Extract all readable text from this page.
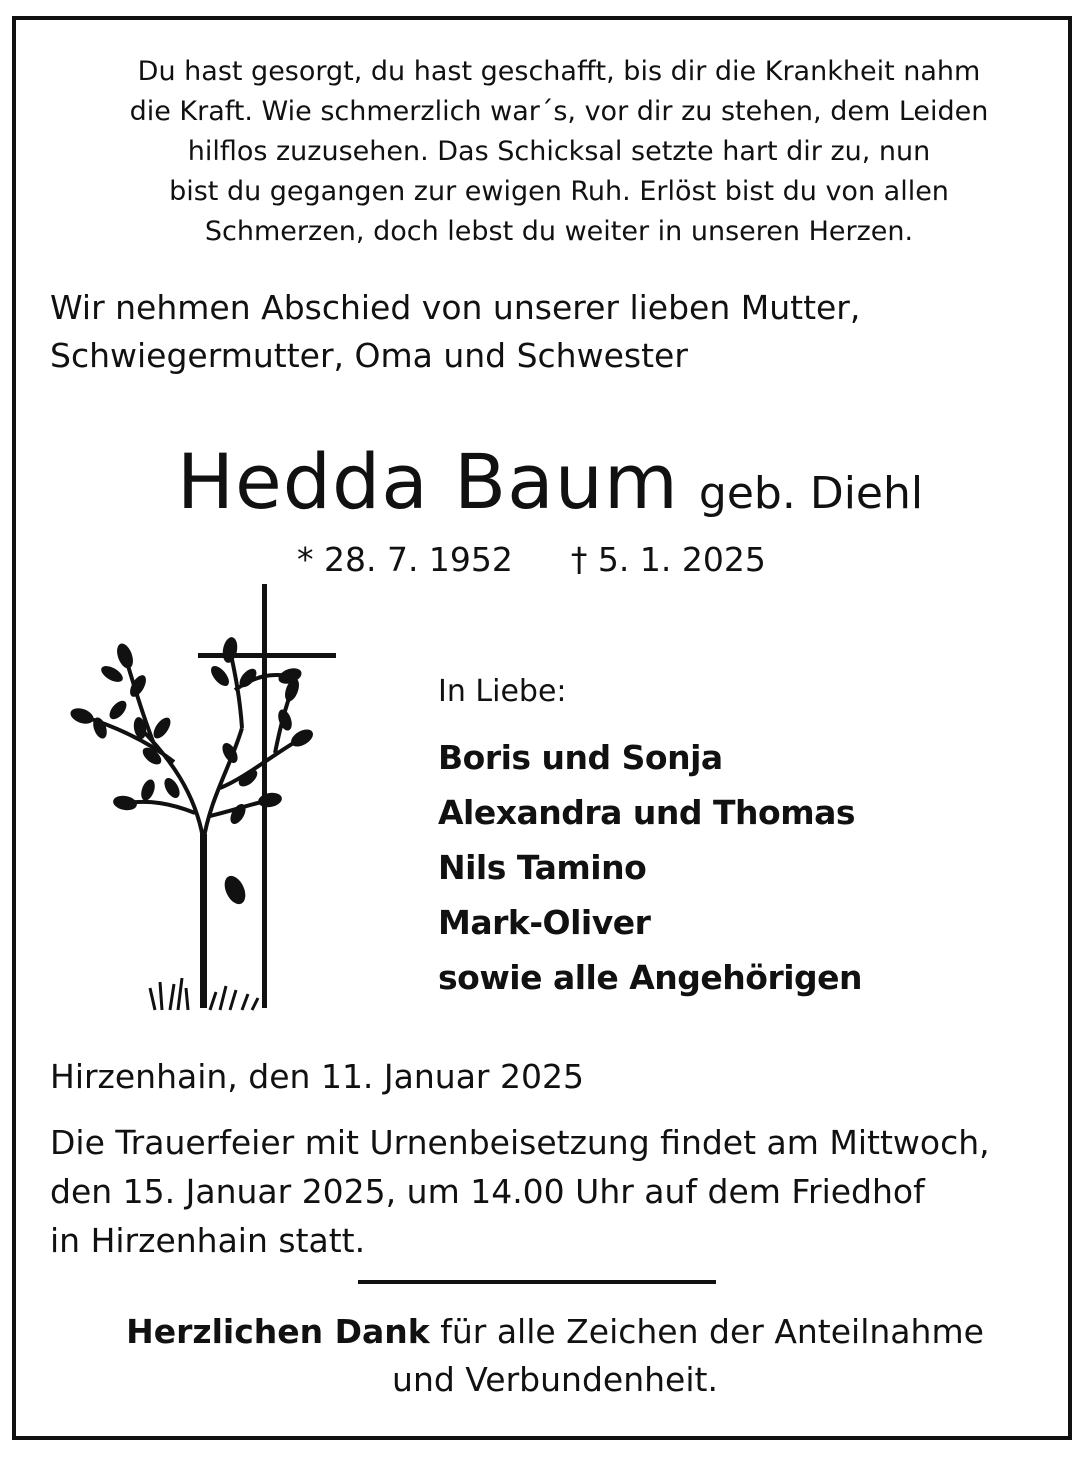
Du hast gesorgt, du hast geschafft, bis dir die Krankheit nahm
die Kraft. Wie schmerzlich war´s, vor dir zu stehen, dem Leiden
hilflos zuzusehen. Das Schicksal setzte hart dir zu, nun
bist du gegangen zur ewigen Ruh. Erlöst bist du von allen
Schmerzen, doch lebst du weiter in unseren Herzen.
Wir nehmen Abschied von unserer lieben Mutter,
Schwiegermutter, Oma und Schwester
Hedda Baum geb. Diehl
* 28. 7. 1952 † 5. 1. 2025
In Liebe:
Boris und Sonja
Alexandra und Thomas
Nils Tamino
Mark-Oliver
sowie alle Angehörigen
Hirzenhain, den 11. Januar 2025
Die Trauerfeier mit Urnenbeisetzung findet am Mittwoch,
den 15. Januar 2025, um 14.00 Uhr auf dem Friedhof
in Hirzenhain statt.
Herzlichen Dank für alle Zeichen der Anteilnahme
und Verbundenheit.
